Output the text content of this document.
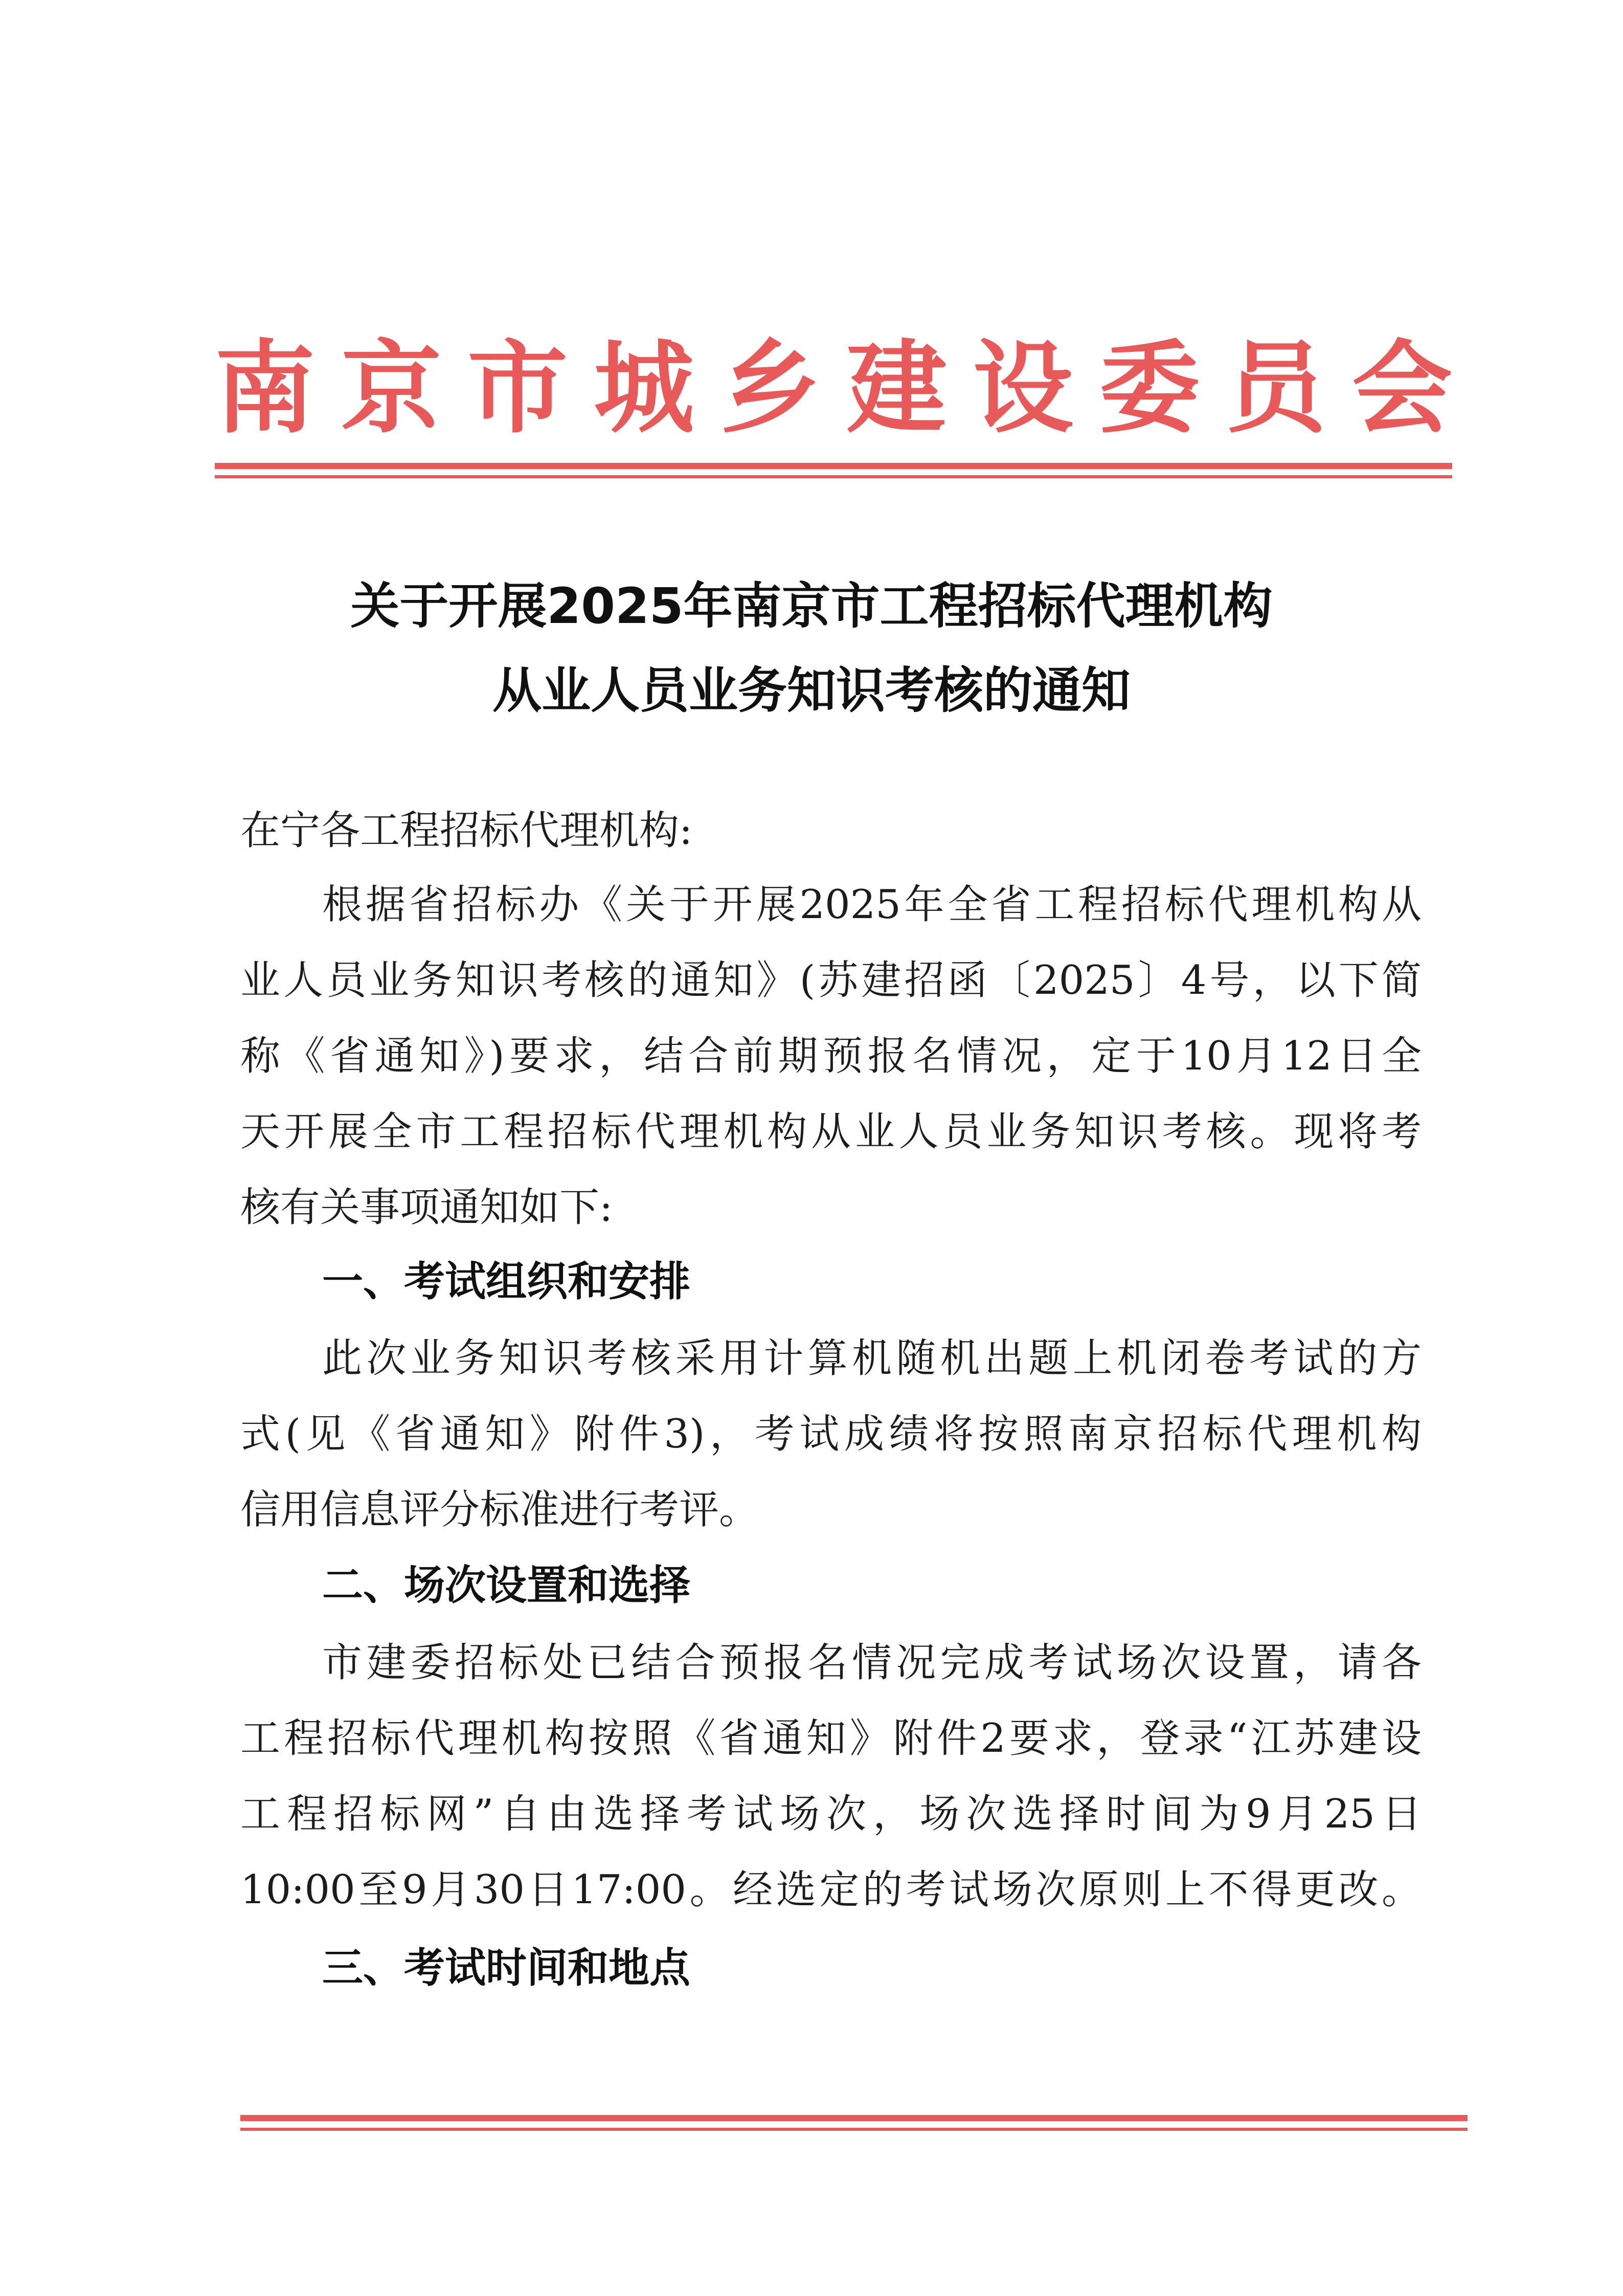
南 京 市 城 乡 建 设 委 员 会
关于开展2025年南京市工程招标代理机构
从业人员业务知识考核的通知
在宁各工程招标代理机构:
根据省招标办《关于开展2025年全省工程招标代理机构从
业人员业务知识考核的通知》(苏建招函〔2025〕4号，以下简
称《省通知》)要求，结合前期预报名情况，定于10月12日全
天开展全市工程招标代理机构从业人员业务知识考核。现将考
核有关事项通知如下:
一、考试组织和安排
此次业务知识考核采用计算机随机出题上机闭卷考试的方
式(见《省通知》附件3)，考试成绩将按照南京招标代理机构
信用信息评分标准进行考评。
二、场次设置和选择
市建委招标处已结合预报名情况完成考试场次设置，请各
工程招标代理机构按照《省通知》附件2要求，登录“江苏建设
工程招标网”自由选择考试场次，场次选择时间为9月25日
10:00至9月30日17:00。经选定的考试场次原则上不得更改。
三、考试时间和地点
